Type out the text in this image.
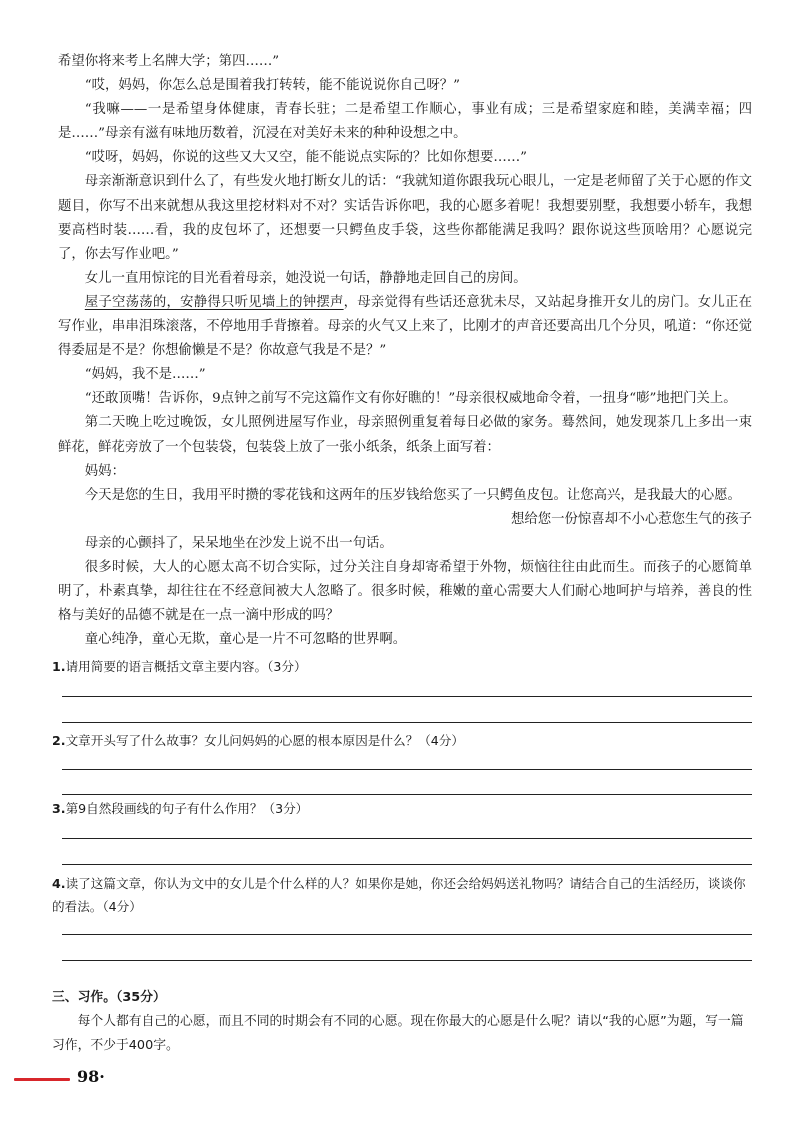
希望你将来考上名牌大学；第四……”

“哎，妈妈，你怎么总是围着我打转转，能不能说说你自己呀？”

“我嘛——一是希望身体健康，青春长驻；二是希望工作顺心，事业有成；三是希望家庭和睦，美满幸福；四是……”母亲有滋有味地历数着，沉浸在对美好未来的种种设想之中。

“哎呀，妈妈，你说的这些又大又空，能不能说点实际的？比如你想要……”

母亲渐渐意识到什么了，有些发火地打断女儿的话：“我就知道你跟我玩心眼儿，一定是老师留了关于心愿的作文题目，你写不出来就想从我这里挖材料对不对？实话告诉你吧，我的心愿多着呢！我想要别墅，我想要小轿车，我想要高档时装……看，我的皮包坏了，还想要一只鳄鱼皮手袋，这些你都能满足我吗？跟你说这些顶啥用？心愿说完了，你去写作业吧。”

女儿一直用惊诧的目光看着母亲，她没说一句话，静静地走回自己的房间。

屋子空荡荡的，安静得只听见墙上的钟摆声，母亲觉得有些话还意犹未尽，又站起身推开女儿的房门。女儿正在写作业，串串泪珠滚落，不停地用手背擦着。母亲的火气又上来了，比刚才的声音还要高出几个分贝，吼道：“你还觉得委屈是不是？你想偷懒是不是？你故意气我是不是？”

“妈妈，我不是……”

“还敢顶嘴！告诉你，9点钟之前写不完这篇作文有你好瞧的！”母亲很权威地命令着，一扭身“嘭”地把门关上。

第二天晚上吃过晚饭，女儿照例进屋写作业，母亲照例重复着每日必做的家务。蓦然间，她发现茶几上多出一束鲜花，鲜花旁放了一个包装袋，包装袋上放了一张小纸条，纸条上面写着：

妈妈：

今天是您的生日，我用平时攒的零花钱和这两年的压岁钱给您买了一只鳄鱼皮包。让您高兴，是我最大的心愿。

想给您一份惊喜却不小心惹您生气的孩子

母亲的心颤抖了，呆呆地坐在沙发上说不出一句话。

很多时候，大人的心愿太高不切合实际，过分关注自身却寄希望于外物，烦恼往往由此而生。而孩子的心愿简单明了，朴素真挚，却往往在不经意间被大人忽略了。很多时候，稚嫩的童心需要大人们耐心地呵护与培养，善良的性格与美好的品德不就是在一点一滴中形成的吗？

童心纯净，童心无欺，童心是一片不可忽略的世界啊。

1.请用简要的语言概括文章主要内容。（3分）

2.文章开头写了什么故事？女儿问妈妈的心愿的根本原因是什么？（4分）

3.第9自然段画线的句子有什么作用？（3分）

4.读了这篇文章，你认为文中的女儿是个什么样的人？如果你是她，你还会给妈妈送礼物吗？请结合自己的生活经历，谈谈你的看法。（4分）

三、习作。（35分）

每个人都有自己的心愿，而且不同的时期会有不同的心愿。现在你最大的心愿是什么呢？请以“我的心愿”为题，写一篇习作，不少于400字。

98·
